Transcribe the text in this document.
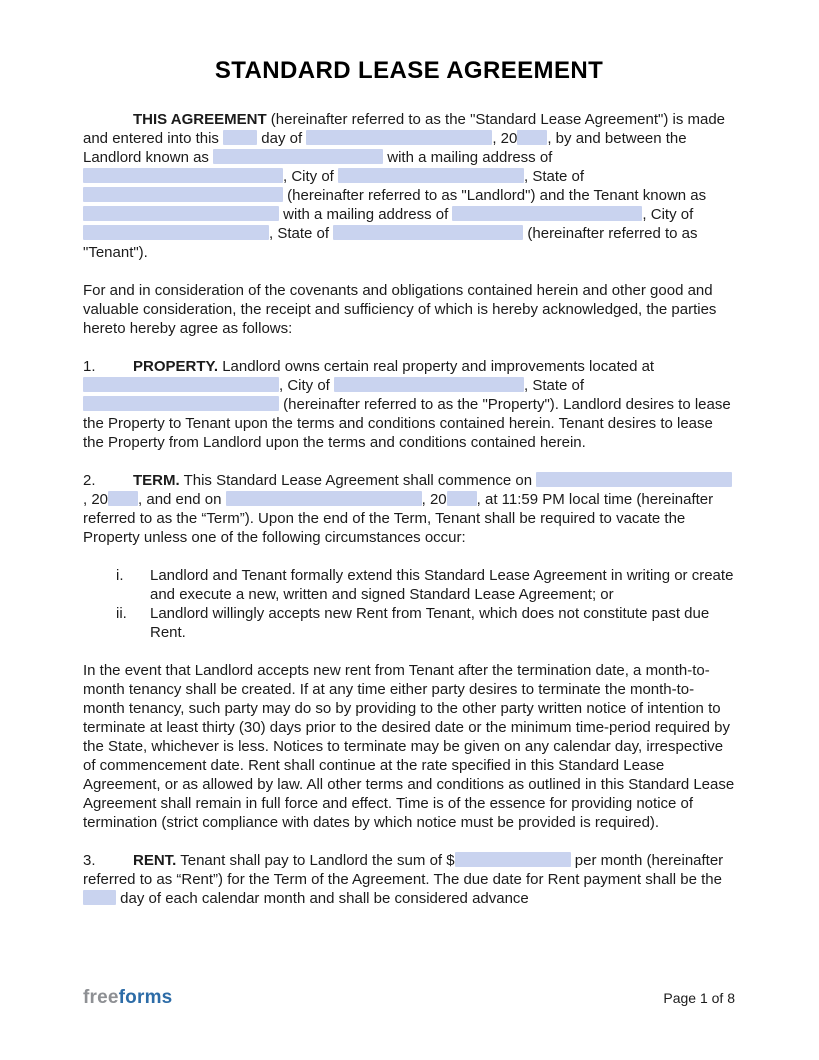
STANDARD LEASE AGREEMENT

THIS AGREEMENT (hereinafter referred to as the "Standard Lease Agreement") is made and entered into this  day of	, 20 , by and between the Landlord known as	with a mailing address of , City of	, State of  (hereinafter referred to as "Landlord") and the Tenant known as  with a mailing address of	, City of , State of	(hereinafter referred to as "Tenant").

For and in consideration of the covenants and obligations contained herein and other good and valuable consideration, the receipt and sufficiency of which is hereby acknowledged, the parties hereto hereby agree as follows:

1. PROPERTY. Landlord owns certain real property and improvements located at , City of	, State of  (hereinafter referred to as the "Property"). Landlord desires to lease the Property to Tenant upon the terms and conditions contained herein. Tenant desires to lease the Property from Landlord upon the terms and conditions contained herein.

2. TERM. This Standard Lease Agreement shall commence on , 20 , and end on	, 20 , at 11:59 PM local time (hereinafter referred to as the “Term”). Upon the end of the Term, Tenant shall be required to vacate the Property unless one of the following circumstances occur:

i.	Landlord and Tenant formally extend this Standard Lease Agreement in writing or create and execute a new, written and signed Standard Lease Agreement; or
ii.	Landlord willingly accepts new Rent from Tenant, which does not constitute past due Rent.

In the event that Landlord accepts new rent from Tenant after the termination date, a month-to-month tenancy shall be created. If at any time either party desires to terminate the month-to-month tenancy, such party may do so by providing to the other party written notice of intention to terminate at least thirty (30) days prior to the desired date or the minimum time-period required by the State, whichever is less. Notices to terminate may be given on any calendar day, irrespective of commencement date. Rent shall continue at the rate specified in this Standard Lease Agreement, or as allowed by law. All other terms and conditions as outlined in this Standard Lease Agreement shall remain in full force and effect. Time is of the essence for providing notice of termination (strict compliance with dates by which notice must be provided is required).

3. RENT. Tenant shall pay to Landlord the sum of $	per month (hereinafter referred to as “Rent”) for the Term of the Agreement. The due date for Rent payment shall be the  day of each calendar month and shall be considered advance

freeforms	Page 1 of 8
